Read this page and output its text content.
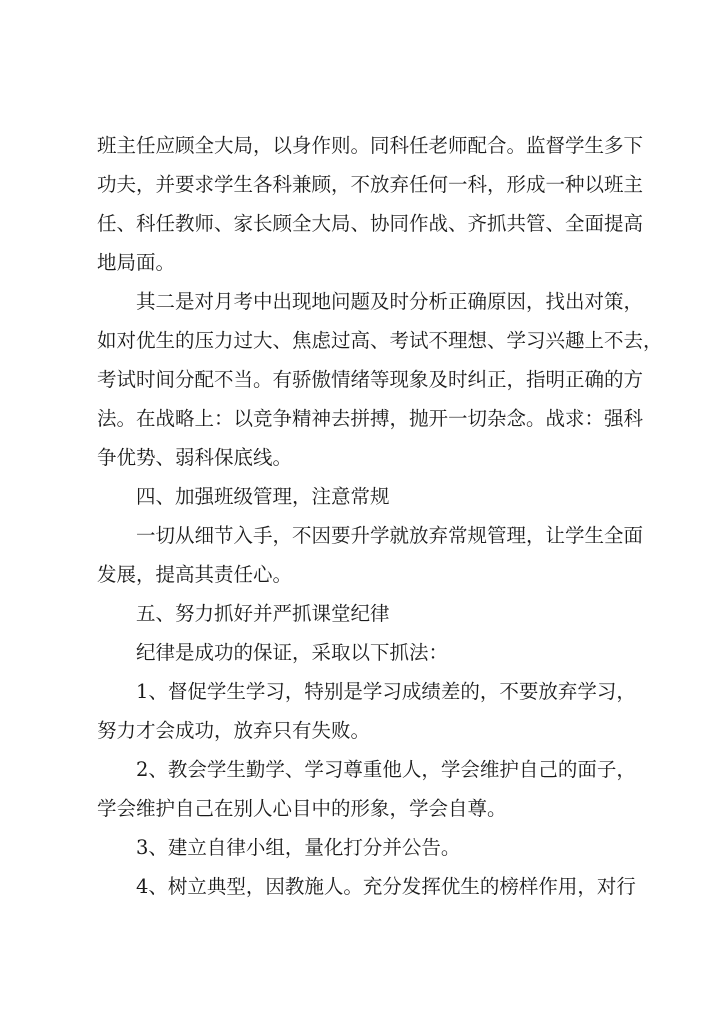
班主任应顾全大局，以身作则。同科任老师配合。监督学生多下
功夫，并要求学生各科兼顾，不放弃任何一科，形成一种以班主
任、科任教师、家长顾全大局、协同作战、齐抓共管、全面提高
地局面。
其二是对月考中出现地问题及时分析正确原因，找出对策，
如对优生的压力过大、焦虑过高、考试不理想、学习兴趣上不去，
考试时间分配不当。有骄傲情绪等现象及时纠正，指明正确的方
法。在战略上：以竞争精神去拼搏，抛开一切杂念。战求：强科
争优势、弱科保底线。
四、加强班级管理，注意常规
一切从细节入手，不因要升学就放弃常规管理，让学生全面
发展，提高其责任心。
五、努力抓好并严抓课堂纪律
纪律是成功的保证，采取以下抓法：
1、督促学生学习，特别是学习成绩差的，不要放弃学习，
努力才会成功，放弃只有失败。
2、教会学生勤学、学习尊重他人，学会维护自己的面子，
学会维护自己在别人心目中的形象，学会自尊。
3、建立自律小组，量化打分并公告。
4、树立典型，因教施人。充分发挥优生的榜样作用，对行
